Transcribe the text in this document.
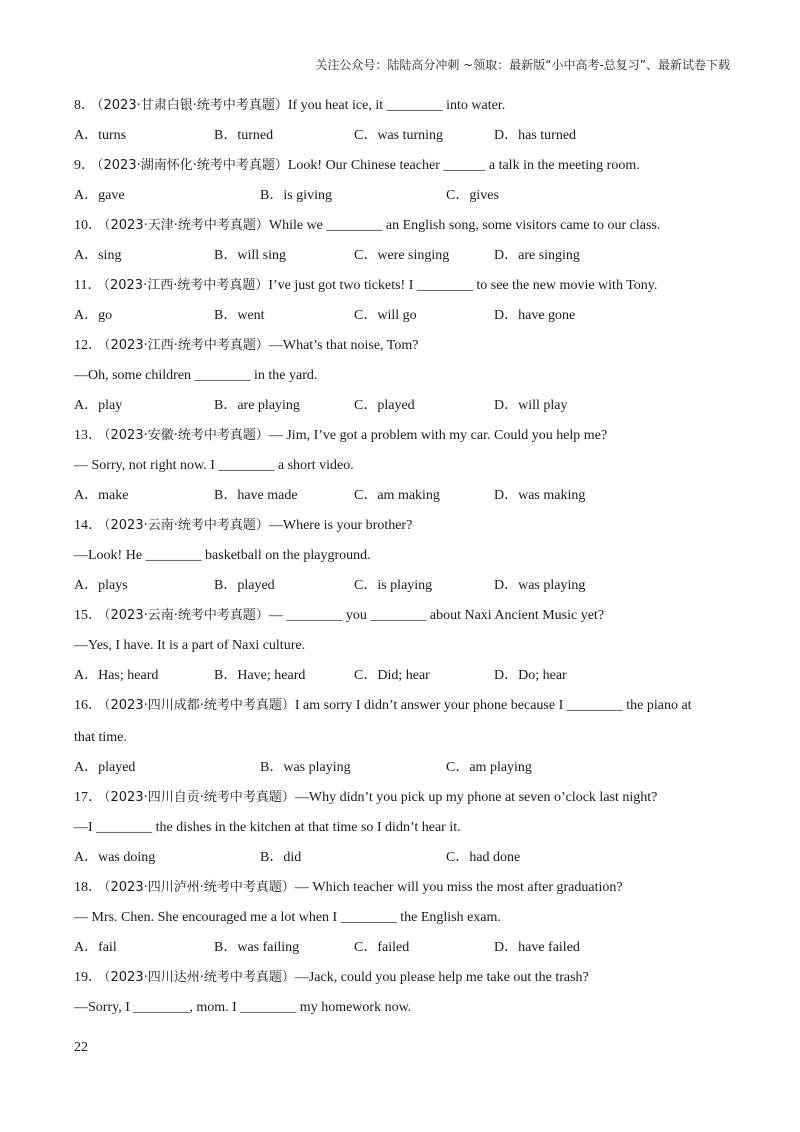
关注公众号：陆陆高分冲刺 ~领取：最新版“小中高考-总复习”、最新试卷下载
8． （2023·甘肃白银·统考中考真题）If you heat ice, it ________ into water.
A．turns	B．turned	C．was turning	D．has turned
9． （2023·湖南怀化·统考中考真题）Look! Our Chinese teacher ______ a talk in the meeting room.
A．gave	B．is giving	C．gives
10． （2023·天津·统考中考真题）While we ________ an English song, some visitors came to our class.
A．sing	B．will sing	C．were singing	D．are singing
11． （2023·江西·统考中考真题）I’ve just got two tickets! I ________ to see the new movie with Tony.
A．go	B．went	C．will go	D．have gone
12． （2023·江西·统考中考真题）—What’s that noise, Tom?
—Oh, some children ________ in the yard.
A．play	B．are playing	C．played	D．will play
13． （2023·安徽·统考中考真题）— Jim, I’ve got a problem with my car. Could you help me?
— Sorry, not right now. I ________ a short video.
A．make	B．have made	C．am making	D．was making
14． （2023·云南·统考中考真题）—Where is your brother?
—Look! He ________ basketball on the playground.
A．plays	B．played	C．is playing	D．was playing
15． （2023·云南·统考中考真题）— ________ you ________ about Naxi Ancient Music yet?
—Yes, I have. It is a part of Naxi culture.
A．Has; heard	B．Have; heard	C．Did; hear	D．Do; hear
16． （2023·四川成都·统考中考真题）I am sorry I didn’t answer your phone because I ________ the piano at
that time.
A．played	B．was playing	C．am playing
17． （2023·四川自贡·统考中考真题）—Why didn’t you pick up my phone at seven o’clock last night?
—I ________ the dishes in the kitchen at that time so I didn’t hear it.
A．was doing	B．did	C．had done
18． （2023·四川泸州·统考中考真题）— Which teacher will you miss the most after graduation?
— Mrs. Chen. She encouraged me a lot when I ________ the English exam.
A．fail	B．was failing	C．failed	D．have failed
19． （2023·四川达州·统考中考真题）—Jack, could you please help me take out the trash?
—Sorry, I ________, mom. I ________ my homework now.
22
